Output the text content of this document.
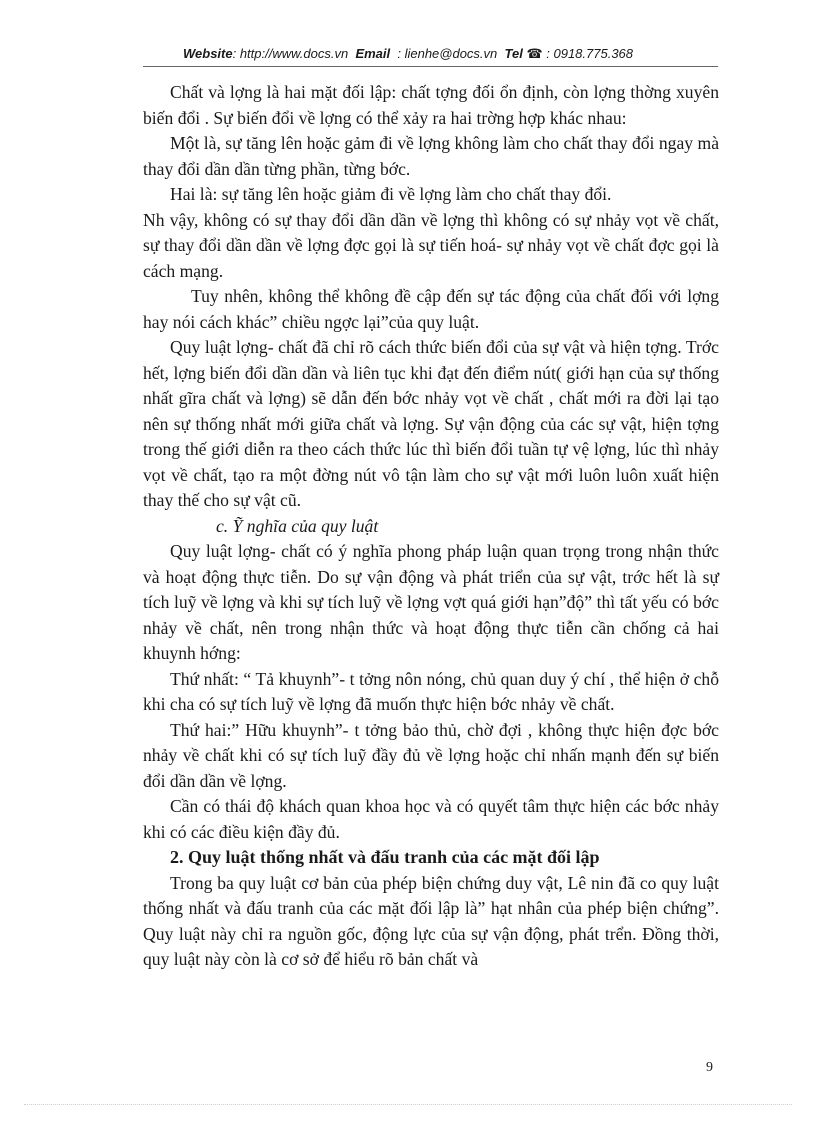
Website: http://www.docs.vn Email : lienhe@docs.vn Tel ☎ : 0918.775.368

Chất và lợng là hai mặt đối lập: chất tợng đối ổn định, còn lợng thờng xuyên biến đổi . Sự biến đổi về lợng có thể xảy ra hai trờng hợp khác nhau:

Một là, sự tăng lên hoặc gảm đi về lợng không làm cho chất thay đổi ngay mà thay đổi dần dần từng phần, từng bớc.

Hai là: sự tăng lên hoặc giảm đi về lợng làm cho chất thay đổi.

Nh vậy, không có sự thay đổi dần dần về lợng thì không có sự nhảy vọt về chất, sự thay đổi dần dần về lợng đợc gọi là sự tiến hoá- sự nhảy vọt về chất đợc gọi là cách mạng.

Tuy nhên, không thể không đề cập đến sự tác động của chất đối với lợng hay nói cách khác” chiều ngợc lại”của quy luật.

Quy luật lợng- chất đã chỉ rõ cách thức biến đổi của sự vật và hiện tợng. Trớc hết, lợng biến đổi dần dần và liên tục khi đạt đến điểm nút( giới hạn của sự thống nhất gĩra chất và lợng) sẽ dẫn đến bớc nhảy vọt về chất , chất mới ra đời lại tạo nên sự thống nhất mới giữa chất và lợng. Sự vận động của các sự vật, hiện tợng trong thế giới diễn ra theo cách thức lúc thì biến đổi tuần tự vệ lợng, lúc thì nhảy vọt về chất, tạo ra một đờng nút vô tận làm cho sự vật mới luôn luôn xuất hiện thay thế cho sự vật cũ.

c. Ỹ nghĩa của quy luật

Quy luật lợng- chất có ý nghĩa phong pháp luận quan trọng trong nhận thức và hoạt động thực tiễn. Do sự vận động và phát triển của sự vật, trớc hết là sự tích luỹ về lợng và khi sự tích luỹ về lợng vợt quá giới hạn”độ” thì tất yếu có bớc nhảy về chất, nên trong nhận thức và hoạt động thực tiễn cần chống cả hai khuynh hớng:

Thứ nhất: “ Tả khuynh”- t tởng nôn nóng, chủ quan duy ý chí , thể hiện ở chỗ khi cha có sự tích luỹ về lợng đã muốn thực hiện bớc nhảy về chất.

Thứ hai:” Hữu khuynh”- t tởng bảo thủ, chờ đợi , không thực hiện đợc bớc nhảy về chất khi có sự tích luỹ đầy đủ về lợng hoặc chỉ nhấn mạnh đến sự biến đổi dần dần về lợng.

Cần có thái độ khách quan khoa học và có quyết tâm thực hiện các bớc nhảy khi có các điều kiện đầy đủ.

2. Quy luật thống nhất và đấu tranh của các mặt đối lập

Trong ba quy luật cơ bản của phép biện chứng duy vật, Lê nin đã co quy luật thống nhất và đấu tranh của các mặt đối lập là” hạt nhân của phép biện chứng”. Quy luật này chỉ ra nguồn gốc, động lực của sự vận động, phát trển. Đồng thời, quy luật này còn là cơ sở để hiểu rõ bản chất và

9
